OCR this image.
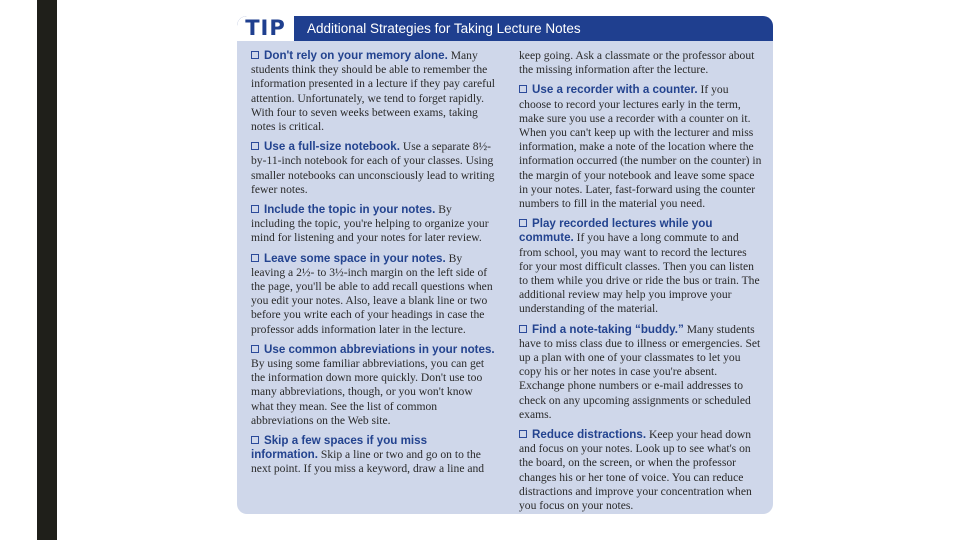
TIP	Additional Strategies for Taking Lecture Notes

Don't rely on your memory alone. Many students think they should be able to remember the information presented in a lecture if they pay careful attention. Unfortunately, we tend to forget rapidly. With four to seven weeks between exams, taking notes is critical.

Use a full-size notebook. Use a separate 8½-by-11-inch notebook for each of your classes. Using smaller notebooks can unconsciously lead to writing fewer notes.

Include the topic in your notes. By including the topic, you're helping to organize your mind for listening and your notes for later review.

Leave some space in your notes. By leaving a 2½- to 3½-inch margin on the left side of the page, you'll be able to add recall questions when you edit your notes. Also, leave a blank line or two before you write each of your headings in case the professor adds information later in the lecture.

Use common abbreviations in your notes. By using some familiar abbreviations, you can get the information down more quickly. Don't use too many abbreviations, though, or you won't know what they mean. See the list of common abbreviations on the Web site.

Skip a few spaces if you miss information. Skip a line or two and go on to the next point. If you miss a keyword, draw a line and

keep going. Ask a classmate or the professor about the missing information after the lecture.

Use a recorder with a counter. If you choose to record your lectures early in the term, make sure you use a recorder with a counter on it. When you can't keep up with the lecturer and miss information, make a note of the location where the information occurred (the number on the counter) in the margin of your notebook and leave some space in your notes. Later, fast-forward using the counter numbers to fill in the material you need.

Play recorded lectures while you commute. If you have a long commute to and from school, you may want to record the lectures for your most difficult classes. Then you can listen to them while you drive or ride the bus or train. The additional review may help you improve your understanding of the material.

Find a note-taking “buddy.” Many students have to miss class due to illness or emergencies. Set up a plan with one of your classmates to let you copy his or her notes in case you're absent. Exchange phone numbers or e-mail addresses to check on any upcoming assignments or scheduled exams.

Reduce distractions. Keep your head down and focus on your notes. Look up to see what's on the board, on the screen, or when the professor changes his or her tone of voice. You can reduce distractions and improve your concentration when you focus on your notes.
